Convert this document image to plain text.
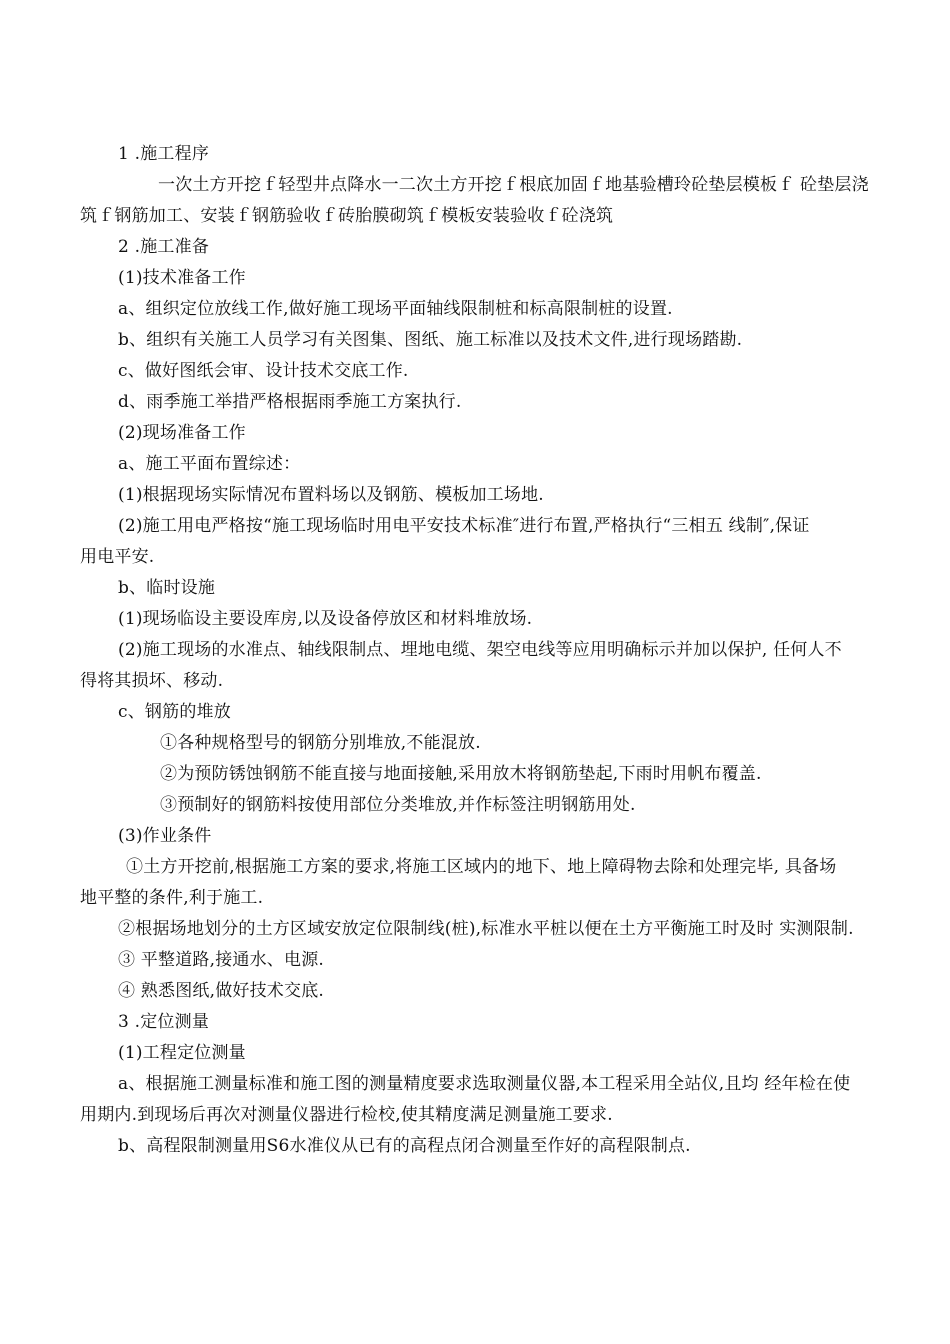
1 .施工程序
一次土方开挖ｆ轻型井点降水一二次土方开挖ｆ根底加固ｆ地基验槽玲砼垫层模板ｆ 砼垫层浇
筑ｆ钢筋加工、安装ｆ钢筋验收ｆ砖胎膜砌筑ｆ模板安装验收ｆ砼浇筑
2 .施工准备
(1)技术准备工作
a、组织定位放线工作,做好施工现场平面轴线限制桩和标高限制桩的设置.
b、组织有关施工人员学习有关图集、图纸、施工标准以及技术文件,进行现场踏勘.
c、做好图纸会审、设计技术交底工作.
d、雨季施工举措严格根据雨季施工方案执行.
(2)现场准备工作
a、施工平面布置综述：
(1)根据现场实际情况布置料场以及钢筋、模板加工场地.
(2)施工用电严格按“施工现场临时用电平安技术标准″进行布置,严格执行“三相五 线制″,保证
用电平安.
b、临时设施
(1)现场临设主要设库房,以及设备停放区和材料堆放场.
(2)施工现场的水准点、轴线限制点、埋地电缆、架空电线等应用明确标示并加以保护, 任何人不
得将其损坏、移动.
c、钢筋的堆放
①各种规格型号的钢筋分别堆放,不能混放.
②为预防锈蚀钢筋不能直接与地面接触,采用放木将钢筋垫起,下雨时用帆布覆盖.
③预制好的钢筋料按使用部位分类堆放,并作标签注明钢筋用处.
(3)作业条件
①土方开挖前,根据施工方案的要求,将施工区域内的地下、地上障碍物去除和处理完毕, 具备场
地平整的条件,利于施工.
②根据场地划分的土方区域安放定位限制线(桩),标准水平桩以便在土方平衡施工时及时 实测限制.
③ 平整道路,接通水、电源.
④ 熟悉图纸,做好技术交底.
3 .定位测量
(1)工程定位测量
a、根据施工测量标准和施工图的测量精度要求选取测量仪器,本工程采用全站仪,且均 经年检在使
用期内.到现场后再次对测量仪器进行检校,使其精度满足测量施工要求.
b、高程限制测量用S6水准仪从已有的高程点闭合测量至作好的高程限制点.
